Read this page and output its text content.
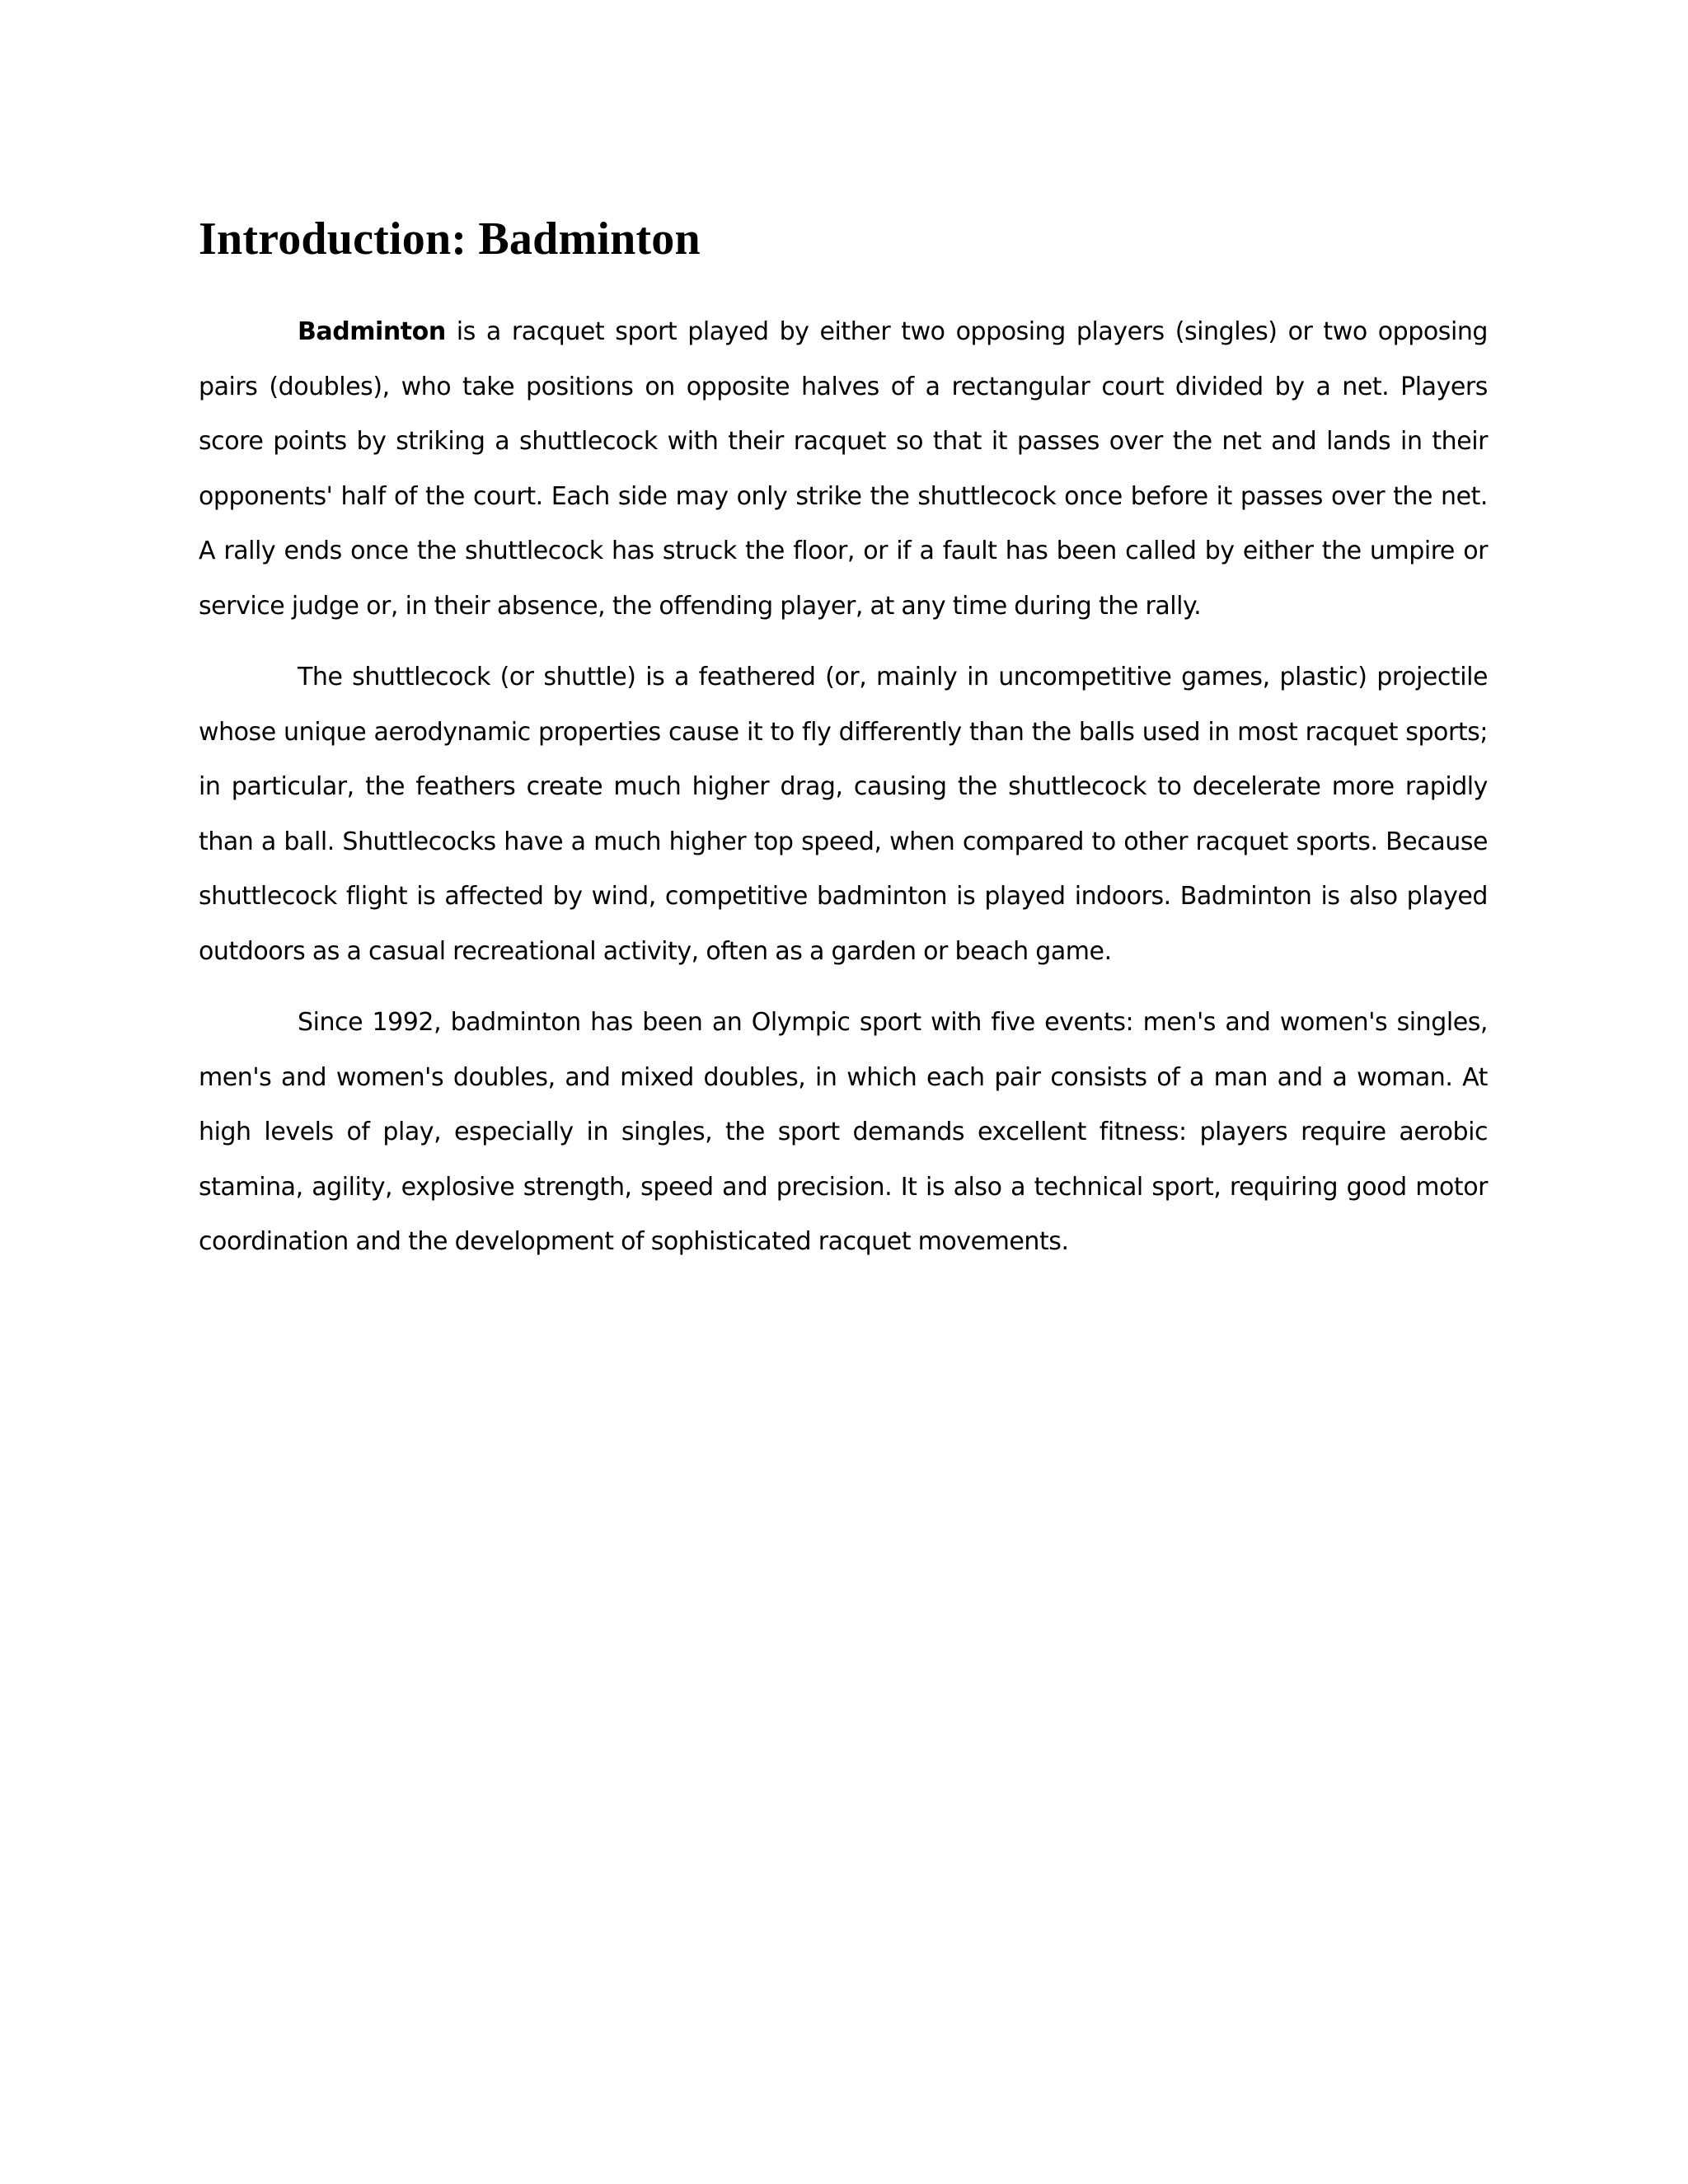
Introduction: Badminton

Badminton is a racquet sport played by either two opposing players (singles) or two opposing pairs (doubles), who take positions on opposite halves of a rectangular court divided by a net. Players score points by striking a shuttlecock with their racquet so that it passes over the net and lands in their opponents' half of the court. Each side may only strike the shuttlecock once before it passes over the net. A rally ends once the shuttlecock has struck the floor, or if a fault has been called by either the umpire or service judge or, in their absence, the offending player, at any time during the rally.

The shuttlecock (or shuttle) is a feathered (or, mainly in uncompetitive games, plastic) projectile whose unique aerodynamic properties cause it to fly differently than the balls used in most racquet sports; in particular, the feathers create much higher drag, causing the shuttlecock to decelerate more rapidly than a ball. Shuttlecocks have a much higher top speed, when compared to other racquet sports. Because shuttlecock flight is affected by wind, competitive badminton is played indoors. Badminton is also played outdoors as a casual recreational activity, often as a garden or beach game.

Since 1992, badminton has been an Olympic sport with five events: men's and women's singles, men's and women's doubles, and mixed doubles, in which each pair consists of a man and a woman. At high levels of play, especially in singles, the sport demands excellent fitness: players require aerobic stamina, agility, explosive strength, speed and precision. It is also a technical sport, requiring good motor coordination and the development of sophisticated racquet movements.
